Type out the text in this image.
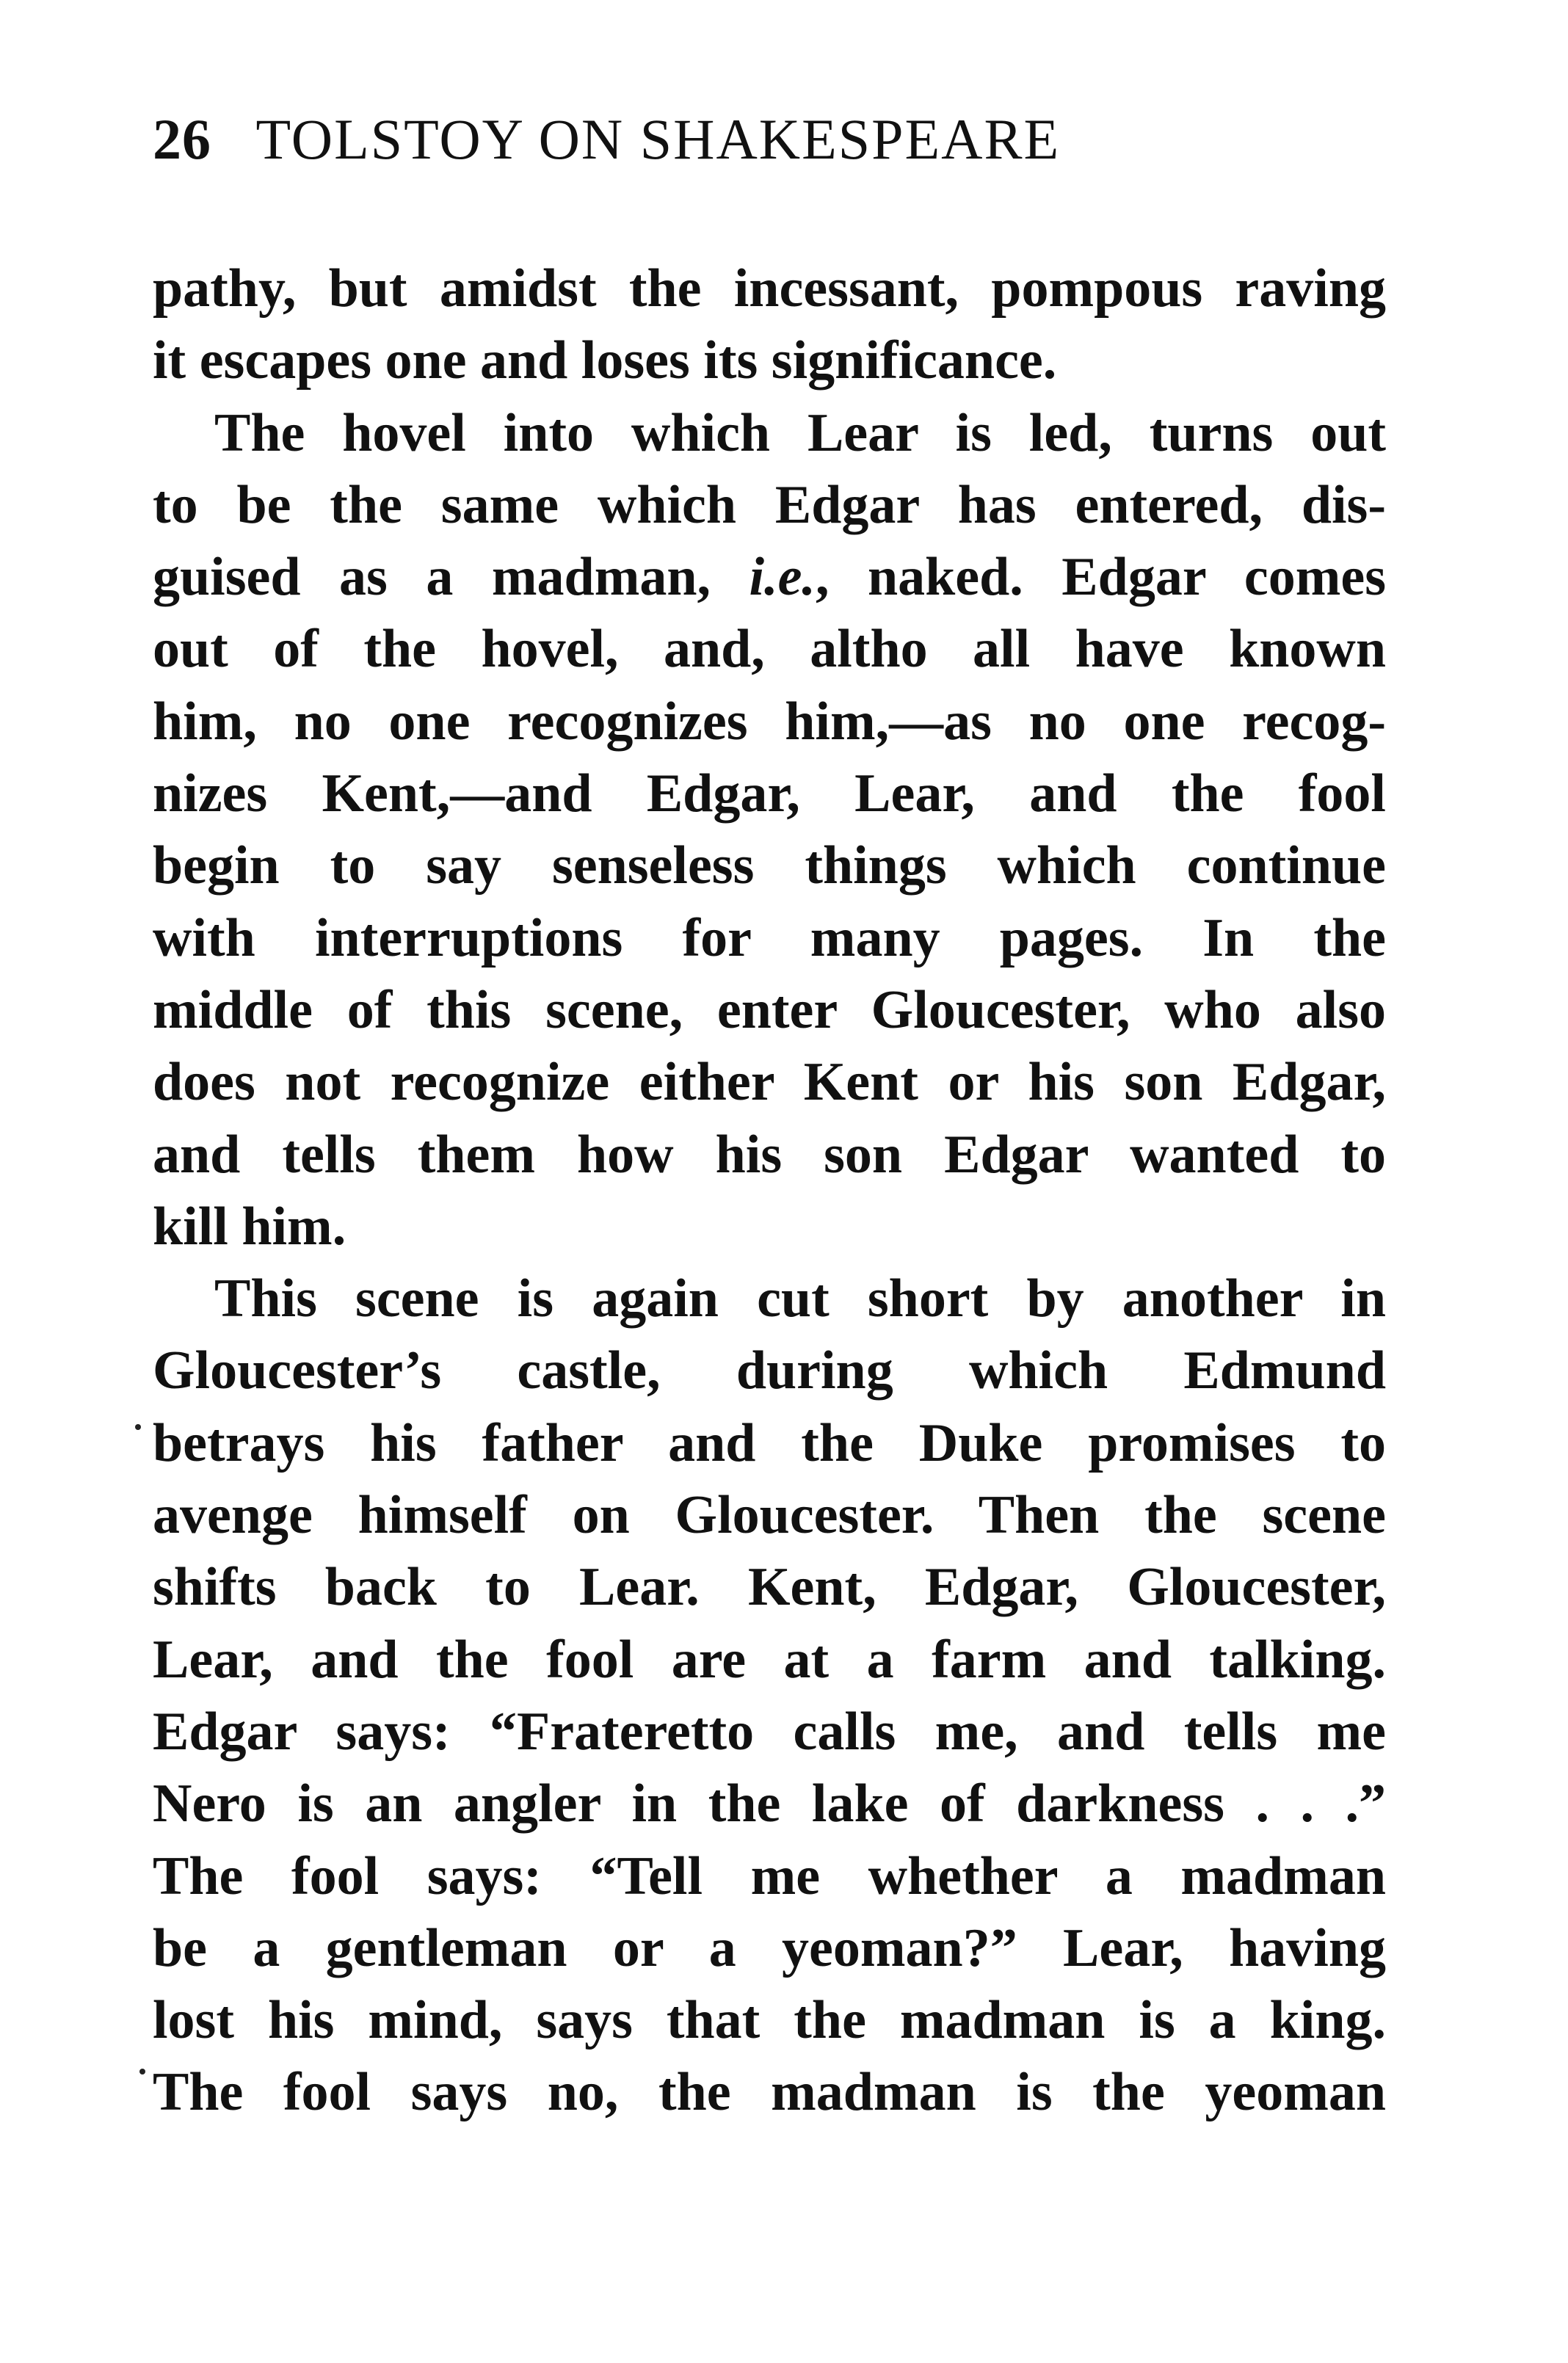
26 TOLSTOY ON SHAKESPEARE
pathy, but amidst the incessant, pompous raving
it escapes one and loses its significance.
The hovel into which Lear is led, turns out
to be the same which Edgar has entered, dis-
guised as a madman, i.e., naked. Edgar comes
out of the hovel, and, altho all have known
him, no one recognizes him,—as no one recog-
nizes Kent,—and Edgar, Lear, and the fool
begin to say senseless things which continue
with interruptions for many pages. In the
middle of this scene, enter Gloucester, who also
does not recognize either Kent or his son Edgar,
and tells them how his son Edgar wanted to
kill him.
This scene is again cut short by another in
Gloucester’s castle, during which Edmund
betrays his father and the Duke promises to
avenge himself on Gloucester. Then the scene
shifts back to Lear. Kent, Edgar, Gloucester,
Lear, and the fool are at a farm and talking.
Edgar says: “Frateretto calls me, and tells me
Nero is an angler in the lake of darkness . . .”
The fool says: “Tell me whether a madman
be a gentleman or a yeoman?” Lear, having
lost his mind, says that the madman is a king.
The fool says no, the madman is the yeoman
